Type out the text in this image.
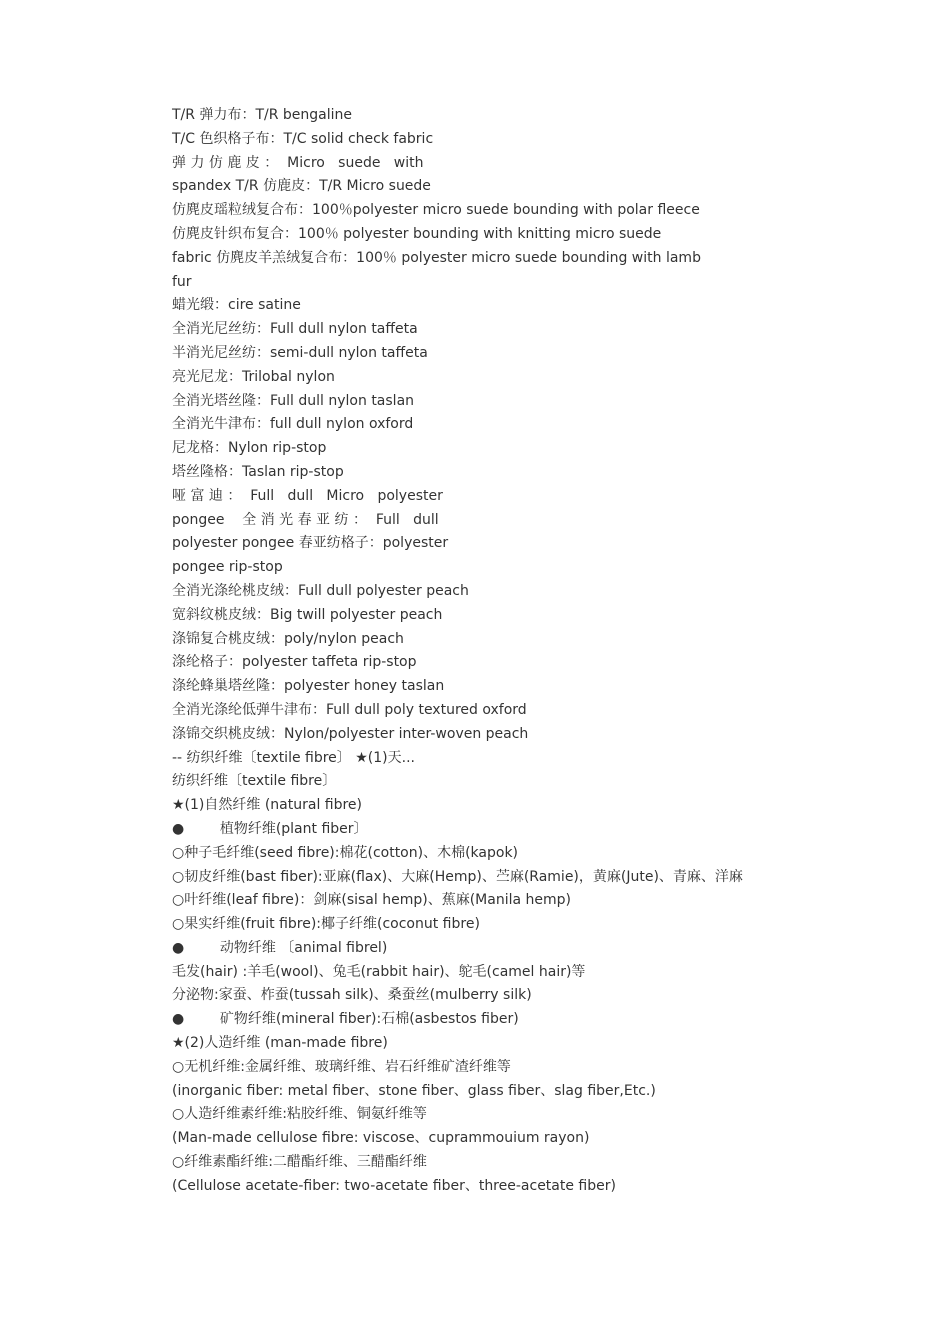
T/R 弹力布：T/R bengaline
T/C 色织格子布：T/C solid check fabric
弹 力 仿 鹿 皮 ：  Micro   suede   with
spandex T/R 仿鹿皮：T/R Micro suede
仿麂皮瑶粒绒复合布：100％polyester micro suede bounding with polar fleece
仿麂皮针织布复合：100％ polyester bounding with knitting micro suede
fabric 仿麂皮羊羔绒复合布：100％ polyester micro suede bounding with lamb
fur
蜡光缎：cire satine
全消光尼丝纺：Full dull nylon taffeta
半消光尼丝纺：semi-dull nylon taffeta
亮光尼龙：Trilobal nylon
全消光塔丝隆：Full dull nylon taslan
全消光牛津布：full dull nylon oxford
尼龙格：Nylon rip-stop
塔丝隆格：Taslan rip-stop
哑 富 迪 ：  Full   dull   Micro   polyester
pongee    全 消 光 春 亚 纺 ：  Full   dull
polyester pongee 春亚纺格子：polyester
pongee rip-stop
全消光涤纶桃皮绒：Full dull polyester peach
宽斜纹桃皮绒：Big twill polyester peach
涤锦复合桃皮绒：poly/nylon peach
涤纶格子：polyester taffeta rip-stop
涤纶蜂巢塔丝隆：polyester honey taslan
全消光涤纶低弹牛津布：Full dull poly textured oxford
涤锦交织桃皮绒：Nylon/polyester inter-woven peach
-- 纺织纤维〔textile fibre〕 ★(1)天...
纺织纤维〔textile fibre〕
★(1)自然纤维 (natural fibre)
●        植物纤维(plant fiber〕
○种子毛纤维(seed fibre):棉花(cotton)、木棉(kapok)
○韧皮纤维(bast fiber):亚麻(flax)、大麻(Hemp)、苎麻(Ramie)，黄麻(Jute)、青麻、洋麻
○叶纤维(leaf fibre)：剑麻(sisal hemp)、蕉麻(Manila hemp)
○果实纤维(fruit fibre):椰子纤维(coconut fibre)
●        动物纤维 〔animal fibrel)
毛发(hair) :羊毛(wool)、兔毛(rabbit hair)、鸵毛(camel hair)等
分泌物:家蚕、柞蚕(tussah silk)、桑蚕丝(mulberry silk)
●        矿物纤维(mineral fiber):石棉(asbestos fiber)
★(2)人造纤维 (man-made fibre)
○无机纤维:金属纤维、玻璃纤维、岩石纤维矿渣纤维等
(inorganic fiber: metal fiber、stone fiber、glass fiber、slag fiber,Etc.)
○人造纤维素纤维:粘胶纤维、铜氨纤维等
(Man-made cellulose fibre: viscose、cuprammouium rayon)
○纤维素酯纤维:二醋酯纤维、三醋酯纤维
(Cellulose acetate-fiber: two-acetate fiber、three-acetate fiber)
